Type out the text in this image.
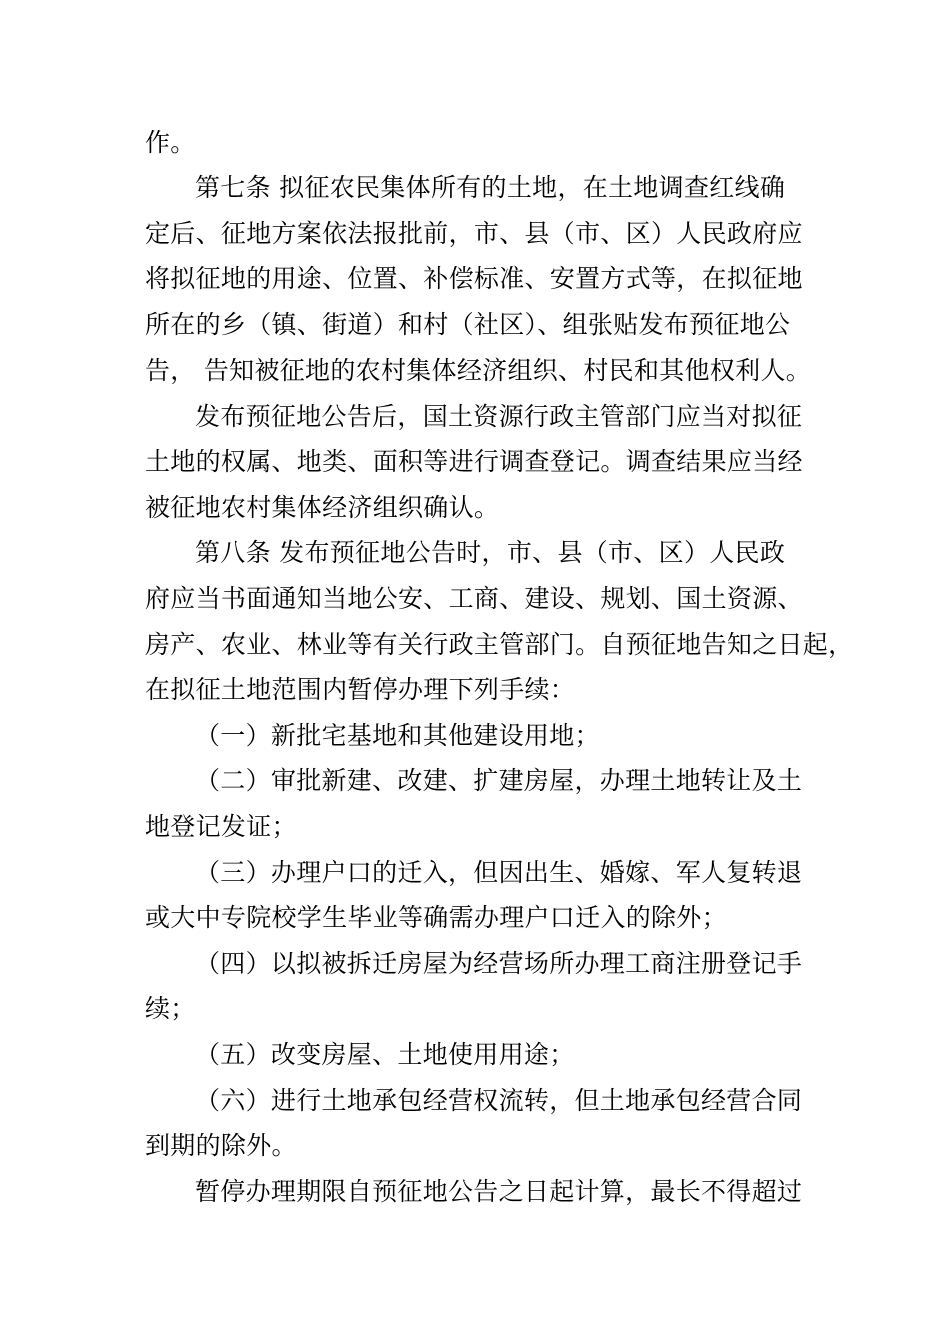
作。
第七条 拟征农民集体所有的土地，在土地调查红线确
定后、征地方案依法报批前，市、县（市、区）人民政府应
将拟征地的用途、位置、补偿标准、安置方式等，在拟征地
所在的乡（镇、街道）和村（社区）、组张贴发布预征地公
告， 告知被征地的农村集体经济组织、村民和其他权利人。
发布预征地公告后，国土资源行政主管部门应当对拟征
土地的权属、地类、面积等进行调查登记。调查结果应当经
被征地农村集体经济组织确认。
第八条 发布预征地公告时，市、县（市、区）人民政
府应当书面通知当地公安、工商、建设、规划、国土资源、
房产、农业、林业等有关行政主管部门。自预征地告知之日起，
在拟征土地范围内暂停办理下列手续：
（一）新批宅基地和其他建设用地；
（二）审批新建、改建、扩建房屋，办理土地转让及土
地登记发证；
（三）办理户口的迁入，但因出生、婚嫁、军人复转退
或大中专院校学生毕业等确需办理户口迁入的除外；
（四）以拟被拆迁房屋为经营场所办理工商注册登记手
续；
（五）改变房屋、土地使用用途；
（六）进行土地承包经营权流转，但土地承包经营合同
到期的除外。
暂停办理期限自预征地公告之日起计算，最长不得超过
